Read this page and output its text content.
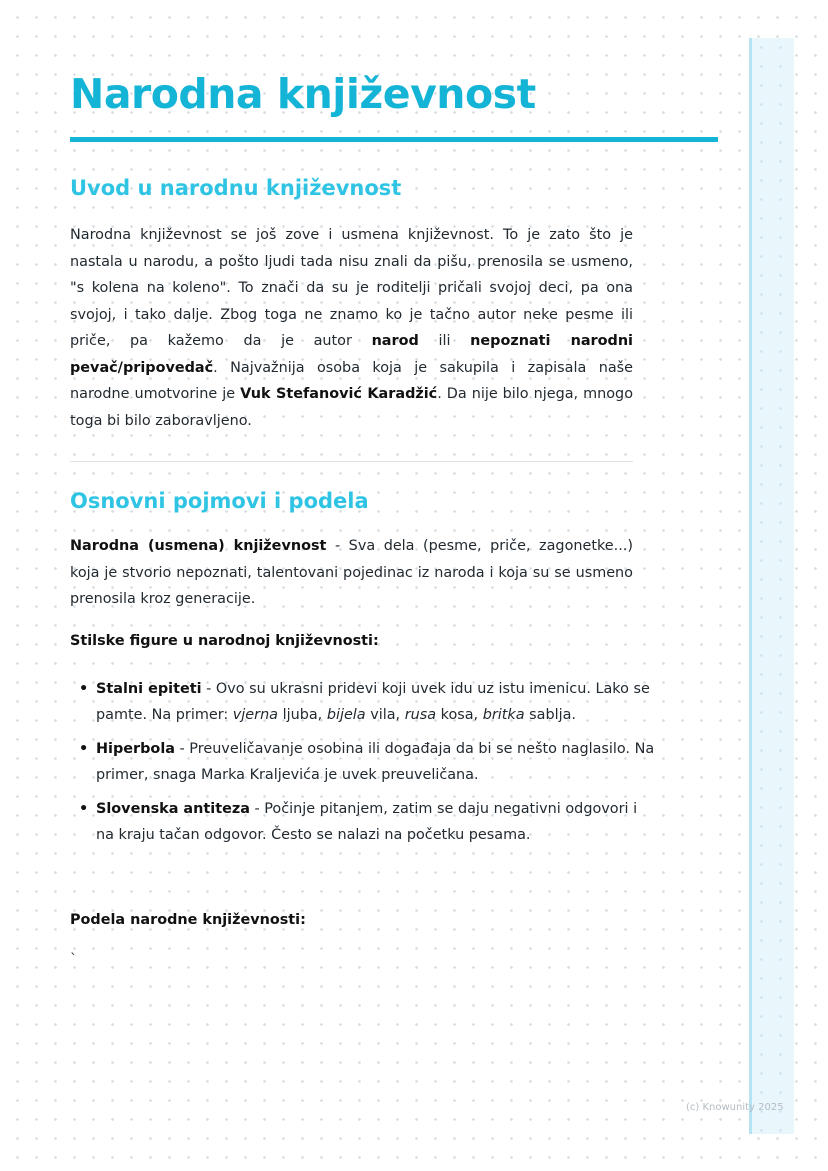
Narodna književnost
Uvod u narodnu književnost

Narodna književnost se još zove i usmena književnost. To je zato što je nastala u narodu, a pošto ljudi tada nisu znali da pišu, prenosila se usmeno, "s kolena na koleno". To znači da su je roditelji pričali svojoj deci, pa ona svojoj, i tako dalje. Zbog toga ne znamo ko je tačno autor neke pesme ili priče, pa kažemo da je autor narod ili nepoznati narodni pevač/pripovedač. Najvažnija osoba koja je sakupila i zapisala naše narodne umotvorine je Vuk Stefanović Karadžić. Da nije bilo njega, mnogo toga bi bilo zaboravljeno.

Osnovni pojmovi i podela

Narodna (usmena) književnost - Sva dela (pesme, priče, zagonetke...) koja je stvorio nepoznati, talentovani pojedinac iz naroda i koja su se usmeno prenosila kroz generacije.

Stilske figure u narodnoj književnosti:
• Stalni epiteti - Ovo su ukrasni pridevi koji uvek idu uz istu imenicu. Lako se pamte. Na primer: vjerna ljuba, bijela vila, rusa kosa, britka sablja.
• Hiperbola - Preuveličavanje osobina ili događaja da bi se nešto naglasilo. Na primer, snaga Marka Kraljevića je uvek preuveličana.
• Slovenska antiteza - Počinje pitanjem, zatim se daju negativni odgovori i na kraju tačan odgovor. Često se nalazi na početku pesama.
Podela narodne književnosti:
`
(c) Knowunity 2025
